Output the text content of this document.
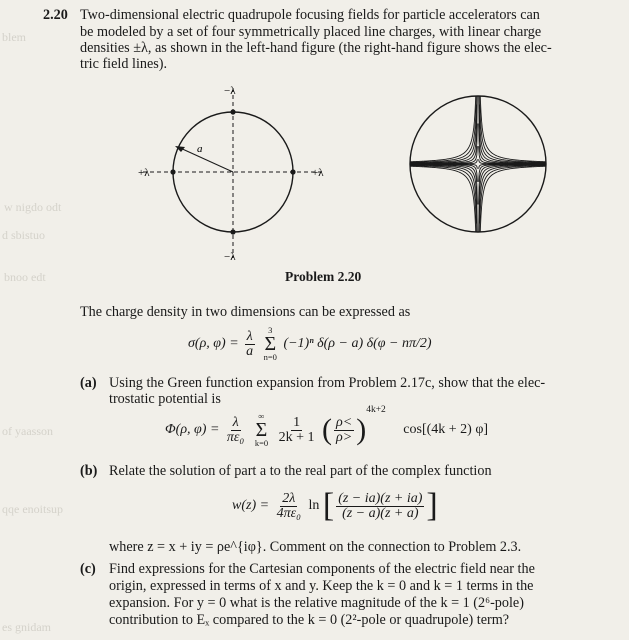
blem
w nigdo odt
d sbistuo
bnoo edt
of yaasson
qqe enoitsup
es gnidam
2.20 Two-dimensional electric quadrupole focusing fields for particle accelerators can
be modeled by a set of four symmetrically placed line charges, with linear charge
densities ±λ, as shown in the left-hand figure (the right-hand figure shows the elec-
tric field lines).
−λ
−λ
+λ	+λ
a
Problem 2.20
The charge density in two dimensions can be expressed as
σ(ρ, $\varphi) = \frac{\lambda}{a}$
3
Σ
n=0
(−1)ⁿ δ(ρ − a) δ(φ − nπ/2)
(a) Using the Green function expansion from Problem 2.17c, show that the elec-
trostatic potential is
Φ(ρ, $\varphi) = \frac{\lambda}{\text{πε₀}}$
∞
Σ
k=0
$\frac{1}{2k + 1}$ ( $\frac{\rho<}{\rho>} )^{4k+2}$ cos[(4k + 2) φ]
(b) Relate the solution of part a to the real part of the complex function
$w(z) = \frac{2\lambda}{\text{4πε₀}}$ ln [ $\frac{(z - ia)(z + ia)}{(z - a)(z + a)}$ ]
where z = x + iy = ρe^{iφ}. Comment on the connection to Problem 2.3.
(c) Find expressions for the Cartesian components of the electric field near the
origin, expressed in terms of x and y. Keep the k = 0 and k = 1 terms in the
expansion. For y = 0 what is the relative magnitude of the k = 1 (2⁶-pole)
contribution to Eₓ compared to the k = 0 (2²-pole or quadrupole) term?
